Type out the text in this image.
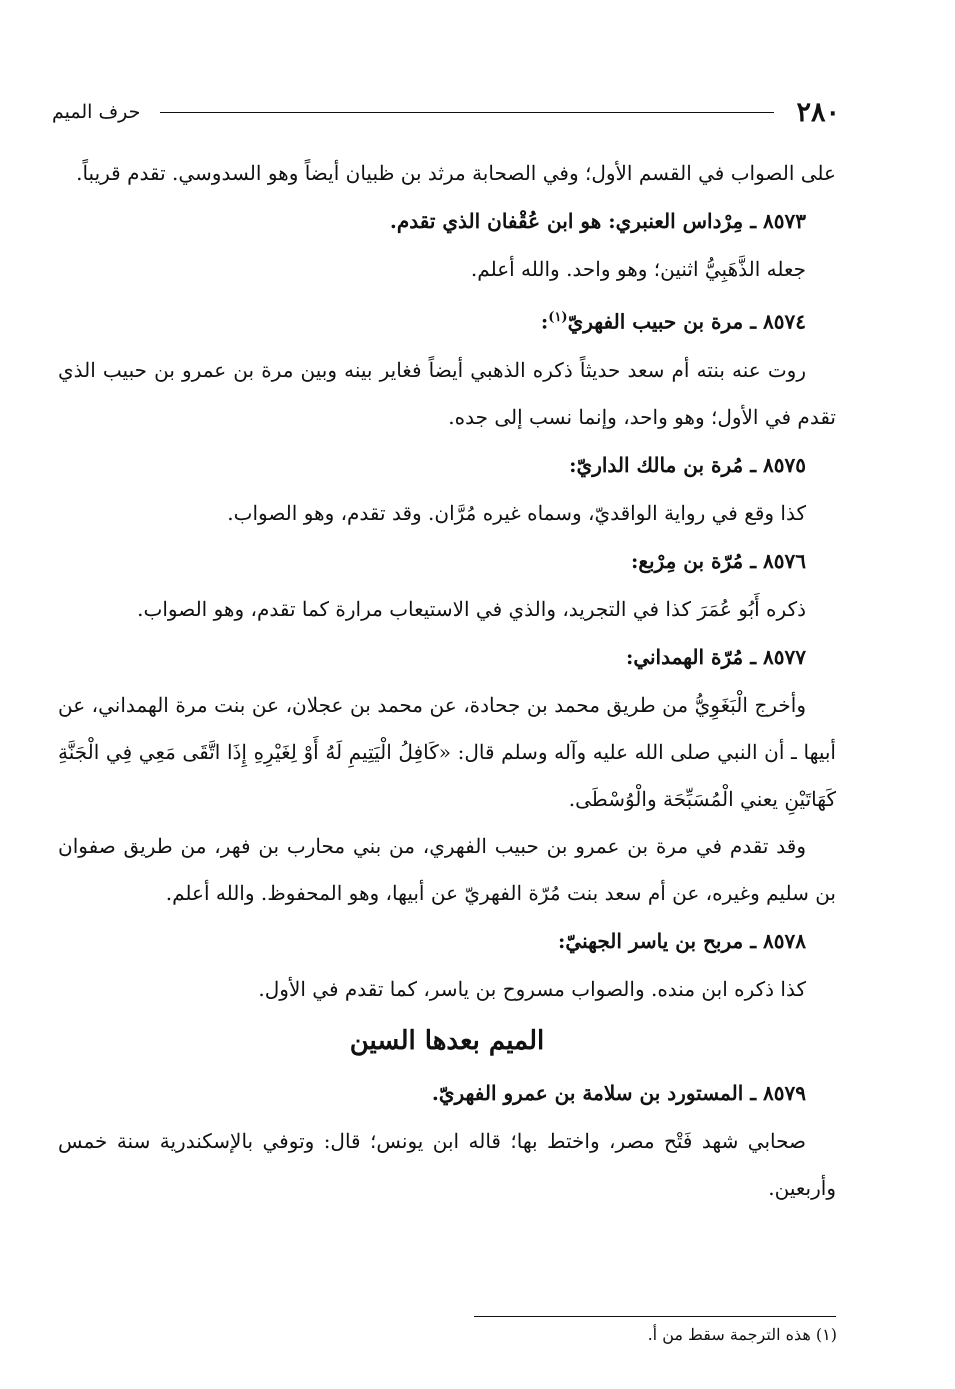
٢٨٠
حرف الميم

على الصواب في القسم الأول؛ وفي الصحابة مرثد بن ظبيان أيضاً وهو السدوسي. تقدم قريباً.

٨٥٧٣ ـ مِرْداس العنبري: هو ابن عُقْفان الذي تقدم.

جعله الذَّهَبِيُّ اثنين؛ وهو واحد. والله أعلم.

٨٥٧٤ ـ مرة بن حبيب الفهريّ$^{(١)}$:

روت عنه بنته أم سعد حديثاً ذكره الذهبي أيضاً فغاير بينه وبين مرة بن عمرو بن حبيب الذي تقدم في الأول؛ وهو واحد، وإنما نسب إلى جده.

٨٥٧٥ ـ مُرة بن مالك الداريّ:

كذا وقع في رواية الواقديّ، وسماه غيره مُرَّان. وقد تقدم، وهو الصواب.

٨٥٧٦ ـ مُرّة بن مِرْبع:

ذكره أَبُو عُمَرَ كذا في التجريد، والذي في الاستيعاب مرارة كما تقدم، وهو الصواب.

٨٥٧٧ ـ مُرّة الهمداني:

وأخرج الْبَغَوِيُّ من طريق محمد بن جحادة، عن محمد بن عجلان، عن بنت مرة الهمداني، عن أبيها ـ أن النبي صلى الله عليه وآله وسلم قال: «كَافِلُ الْيَتِيمِ لَهُ أَوْ لِغَيْرِهِ إِذَا اتَّقَى مَعِي فِي الْجَنَّةِ كَهَاتَيْنِ يعني الْمُسَبِّحَة والْوُسْطَى.

وقد تقدم في مرة بن عمرو بن حبيب الفهري، من بني محارب بن فهر، من طريق صفوان بن سليم وغيره، عن أم سعد بنت مُرّة الفهريّ عن أبيها، وهو المحفوظ. والله أعلم.

٨٥٧٨ ـ مربح بن ياسر الجهنيّ:

كذا ذكره ابن منده. والصواب مسروح بن ياسر، كما تقدم في الأول.

الميم بعدها السين

٨٥٧٩ ـ المستورد بن سلامة بن عمرو الفهريّ.

صحابي شهد فَتْح مصر، واختط بها؛ قاله ابن يونس؛ قال: وتوفي بالإسكندرية سنة خمس وأربعين.

(١) هذه الترجمة سقط من أ.
